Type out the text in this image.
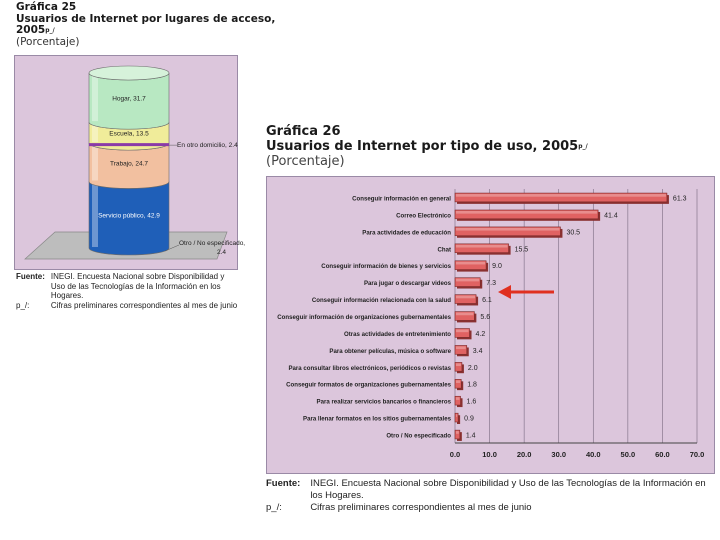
Gráfica 25
Usuarios de Internet por lugares de acceso,
$2005^{p\_/}$
(Porcentaje)
Servicio público, 42.9
Trabajo, 24.7
Escuela, 13.5
Hogar, 31.7
En otro domicilio, 2.4
Otro / No especificado,
2.4
Fuente:	INEGI. Encuesta Nacional sobre Disponibilidad y Uso de las Tecnologías de la Información en los Hogares.
p_/:	Cifras preliminares correspondientes al mes de junio
Gráfica 26
Usuarios de Internet por tipo de uso, $2005^{p\_/}$
(Porcentaje)
0.0	10.0	20.0	30.0	40.0	50.0	60.0	70.0
61.3
Conseguir información en general
41.4
Correo Electrónico
30.5
Para actividades de educación
15.5
Chat
9.0
Conseguir información de bienes y servicios
7.3
Para jugar o descargar videos
6.1
Conseguir información relacionada con la salud
5.6
Conseguir información de organizaciones gubernamentales
4.2
Otras actividades de entretenimiento
3.4
Para obtener películas, música o software
2.0
Para consultar libros electrónicos, periódicos o revistas
1.8
Conseguir formatos de organizaciones gubernamentales
1.6
Para realizar servicios bancarios o financieros
0.9
Para llenar formatos en los sitios gubernamentales
1.4
Otro / No especificado
Fuente:	INEGI. Encuesta Nacional sobre Disponibilidad y Uso de las Tecnologías de la Información en los Hogares.
p_/:	Cifras preliminares correspondientes al mes de junio
